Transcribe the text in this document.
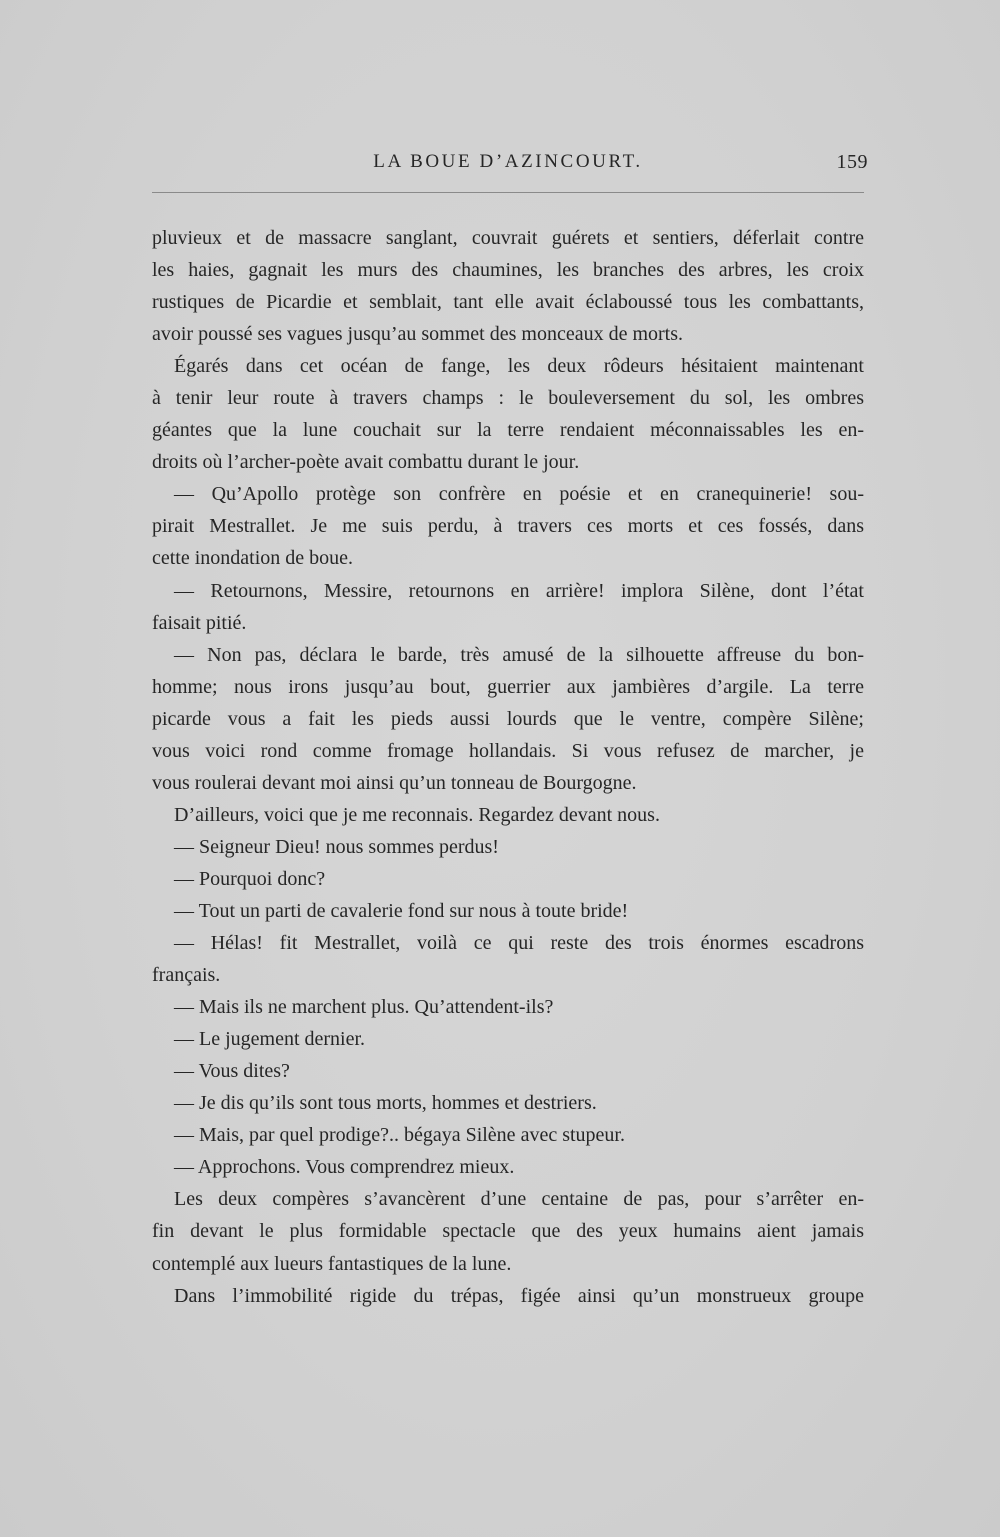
LA BOUE D’AZINCOURT.	159
pluvieux et de massacre sanglant, couvrait guérets et sentiers, déferlait contre
les haies, gagnait les murs des chaumines, les branches des arbres, les croix
rustiques de Picardie et semblait, tant elle avait éclaboussé tous les combattants,
avoir poussé ses vagues jusqu’au sommet des monceaux de morts.
Égarés dans cet océan de fange, les deux rôdeurs hésitaient maintenant
à tenir leur route à travers champs : le bouleversement du sol, les ombres
géantes que la lune couchait sur la terre rendaient méconnaissables les en-
droits où l’archer-poète avait combattu durant le jour.
— Qu’Apollo protège son confrère en poésie et en cranequinerie! sou-
pirait Mestrallet. Je me suis perdu, à travers ces morts et ces fossés, dans
cette inondation de boue.
— Retournons, Messire, retournons en arrière! implora Silène, dont l’état
faisait pitié.
— Non pas, déclara le barde, très amusé de la silhouette affreuse du bon-
homme; nous irons jusqu’au bout, guerrier aux jambières d’argile. La terre
picarde vous a fait les pieds aussi lourds que le ventre, compère Silène;
vous voici rond comme fromage hollandais. Si vous refusez de marcher, je
vous roulerai devant moi ainsi qu’un tonneau de Bourgogne.
D’ailleurs, voici que je me reconnais. Regardez devant nous.
— Seigneur Dieu! nous sommes perdus!
— Pourquoi donc?
— Tout un parti de cavalerie fond sur nous à toute bride!
— Hélas! fit Mestrallet, voilà ce qui reste des trois énormes escadrons
français.
— Mais ils ne marchent plus. Qu’attendent-ils?
— Le jugement dernier.
— Vous dites?
— Je dis qu’ils sont tous morts, hommes et destriers.
— Mais, par quel prodige?.. bégaya Silène avec stupeur.
— Approchons. Vous comprendrez mieux.
Les deux compères s’avancèrent d’une centaine de pas, pour s’arrêter en-
fin devant le plus formidable spectacle que des yeux humains aient jamais
contemplé aux lueurs fantastiques de la lune.
Dans l’immobilité rigide du trépas, figée ainsi qu’un monstrueux groupe
